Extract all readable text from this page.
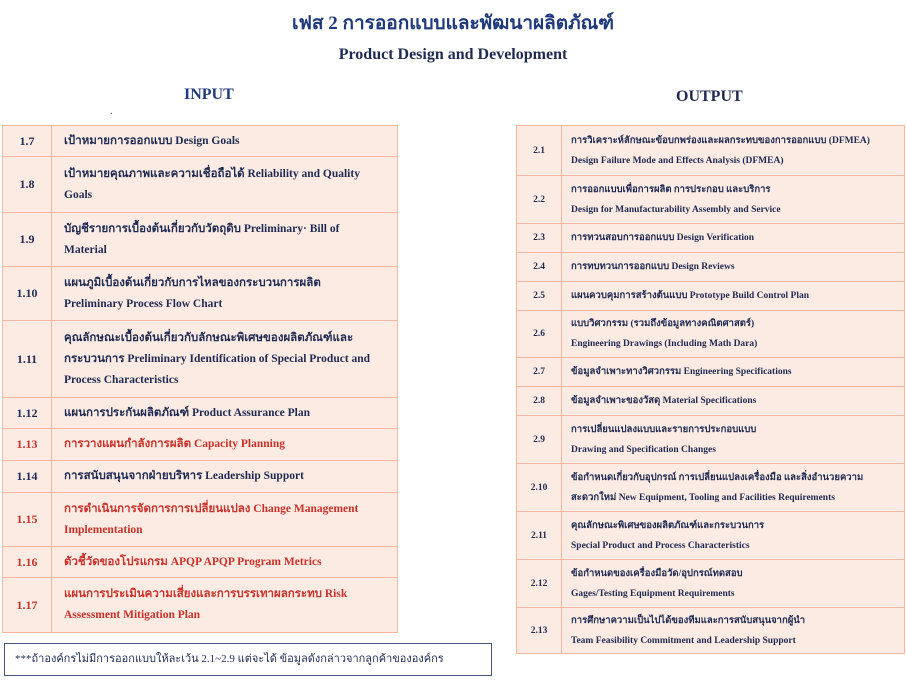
เฟส 2 การออกแบบและพัฒนาผลิตภัณฑ์
Product Design and Development
INPUT	OUTPUT
.
1.7	เป้าหมายการออกแบบ Design Goals
1.8	เป้าหมายคุณภาพและความเชื่อถือได้ Reliability and Quality
Goals

1.9	บัญชีรายการเบื้องต้นเกี่ยวกับวัตถุดิบ Preliminary· Bill of
Material

1.10	แผนภูมิเบื้องต้นเกี่ยวกับการไหลของกระบวนการผลิต
Preliminary Process Flow Chart

1.11	คุณลักษณะเบื้องต้นเกี่ยวกับลักษณะพิเศษของผลิตภัณฑ์และ
กระบวนการ Preliminary Identification of Special Product and
Process Characteristics

1.12	แผนการประกันผลิตภัณฑ์ Product Assurance Plan
1.13	การวางแผนกำลังการผลิต Capacity Planning
1.14	การสนับสนุนจากฝ่ายบริหาร Leadership Support
1.15	การดำเนินการจัดการการเปลี่ยนแปลง Change Management
Implementation

1.16	ตัวชี้วัดของโปรแกรม APQP APQP Program Metrics
1.17	แผนการประเมินความเสี่ยงและการบรรเทาผลกระทบ Risk
Assessment Mitigation Plan
2.1	การวิเคราะห์ลักษณะข้อบกพร่องและผลกระทบของการออกแบบ (DFMEA)
Design Failure Mode and Effects Analysis (DFMEA)

2.2	การออกแบบเพื่อการผลิต การประกอบ และบริการ
Design for Manufacturability Assembly and Service

2.3	การทวนสอบการออกแบบ Design Verification
2.4	การทบทวนการออกแบบ Design Reviews
2.5	แผนควบคุมการสร้างต้นแบบ Prototype Build Control Plan
2.6	แบบวิศวกรรม (รวมถึงข้อมูลทางคณิตศาสตร์)
Engineering Drawings (Including Math Dara)

2.7	ข้อมูลจำเพาะทางวิศวกรรม Engineering Specifications
2.8	ข้อมูลจำเพาะของวัสดุ Material Specifications
2.9	การเปลี่ยนแปลงแบบและรายการประกอบแบบ
Drawing and Specification Changes

2.10	ข้อกำหนดเกี่ยวกับอุปกรณ์ การเปลี่ยนแปลงเครื่องมือ และสิ่งอำนวยความ
สะดวกใหม่ New Equipment, Tooling and Facilities Requirements

2.11	คุณลักษณะพิเศษของผลิตภัณฑ์และกระบวนการ
Special Product and Process Characteristics

2.12	ข้อกำหนดของเครื่องมือวัด/อุปกรณ์ทดสอบ
Gages/Testing Equipment Requirements

2.13	การศึกษาความเป็นไปได้ของทีมและการสนับสนุนจากผู้นำ
Team Feasibility Commitment and Leadership Support
***ถ้าองค์กรไม่มีการออกแบบให้ละเว้น 2.1~2.9 แต่จะได้ ข้อมูลดังกล่าวจากลูกค้าขององค์กร
